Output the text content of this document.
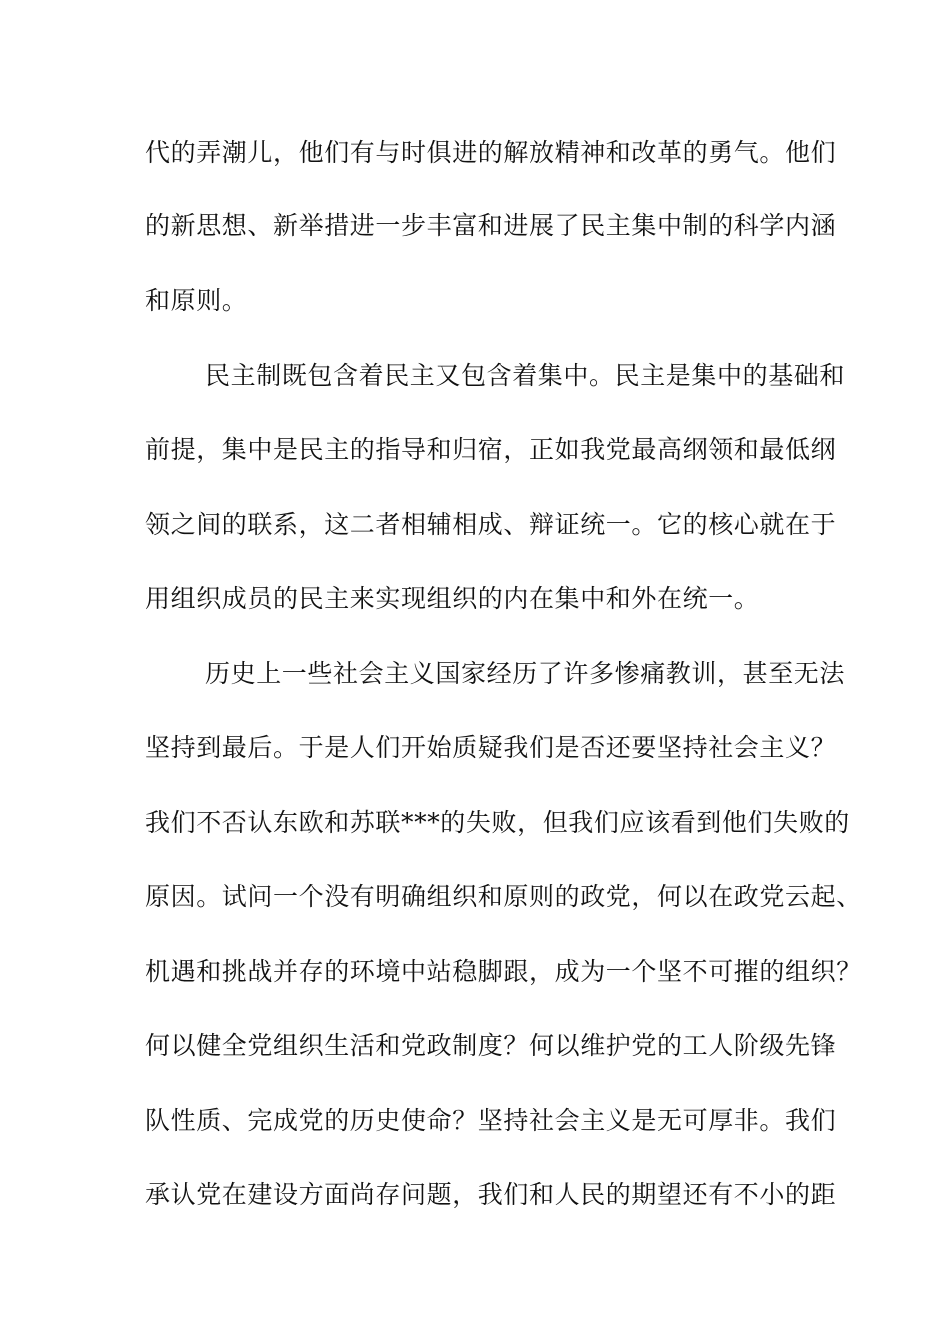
代的弄潮儿，他们有与时俱进的解放精神和改革的勇气。他们
的新思想、新举措进一步丰富和进展了民主集中制的科学内涵
和原则。
民主制既包含着民主又包含着集中。民主是集中的基础和
前提，集中是民主的指导和归宿，正如我党最高纲领和最低纲
领之间的联系，这二者相辅相成、辩证统一。它的核心就在于
用组织成员的民主来实现组织的内在集中和外在统一。
历史上一些社会主义国家经历了许多惨痛教训，甚至无法
坚持到最后。于是人们开始质疑我们是否还要坚持社会主义？
我们不否认东欧和苏联***的失败，但我们应该看到他们失败的
原因。试问一个没有明确组织和原则的政党，何以在政党云起、
机遇和挑战并存的环境中站稳脚跟，成为一个坚不可摧的组织？
何以健全党组织生活和党政制度？何以维护党的工人阶级先锋
队性质、完成党的历史使命？坚持社会主义是无可厚非。我们
承认党在建设方面尚存问题，我们和人民的期望还有不小的距
